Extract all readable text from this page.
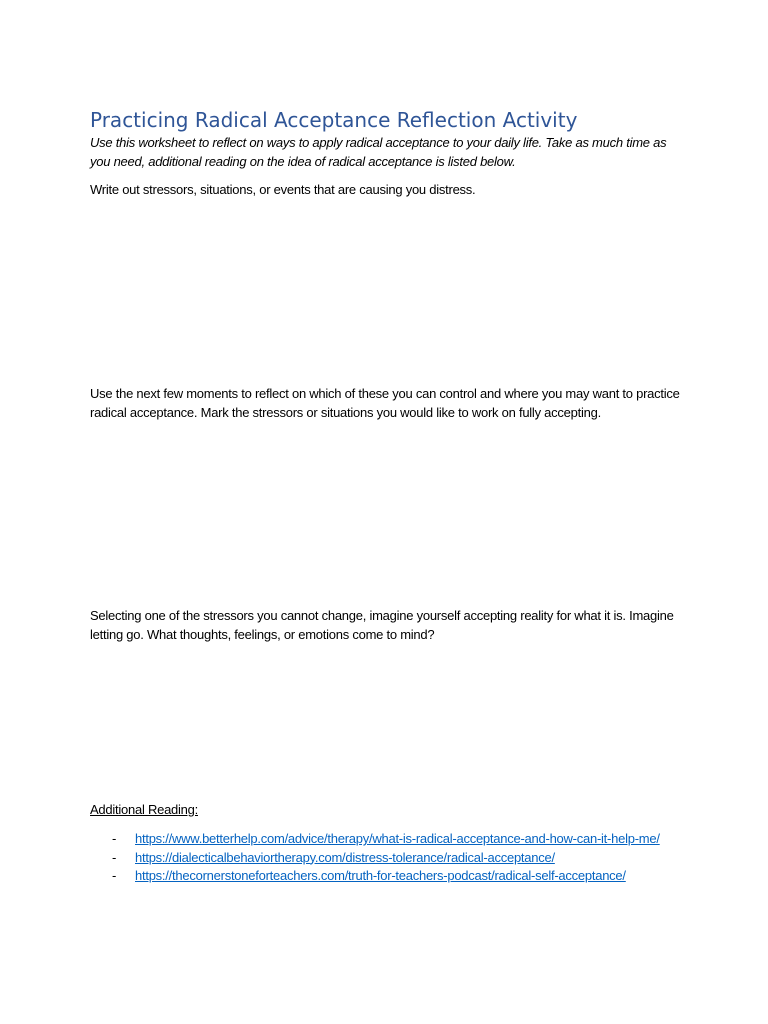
Practicing Radical Acceptance Reflection Activity

Use this worksheet to reflect on ways to apply radical acceptance to your daily life. Take as much time as you need, additional reading on the idea of radical acceptance is listed below.

Write out stressors, situations, or events that are causing you distress.

Use the next few moments to reflect on which of these you can control and where you may want to practice radical acceptance. Mark the stressors or situations you would like to work on fully accepting.

Selecting one of the stressors you cannot change, imagine yourself accepting reality for what it is. Imagine letting go. What thoughts, feelings, or emotions come to mind?

Additional Reading:

- https://www.betterhelp.com/advice/therapy/what-is-radical-acceptance-and-how-can-it-help-me/
- https://dialecticalbehaviortherapy.com/distress-tolerance/radical-acceptance/
- https://thecornerstoneforteachers.com/truth-for-teachers-podcast/radical-self-acceptance/
